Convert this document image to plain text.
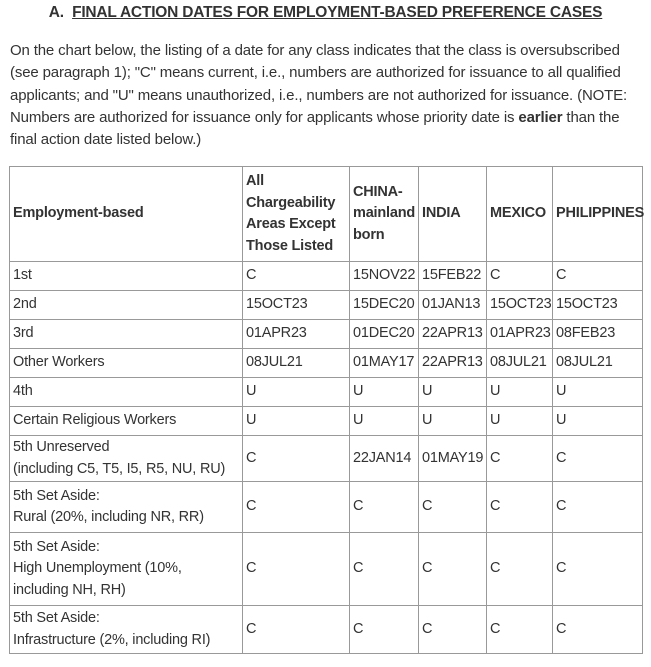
A. FINAL ACTION DATES FOR EMPLOYMENT-BASED PREFERENCE CASES
On the chart below, the listing of a date for any class indicates that the class is oversubscribed (see paragraph 1); "C" means current, i.e., numbers are authorized for issuance to all qualified applicants; and "U" means unauthorized, i.e., numbers are not authorized for issuance. (NOTE: Numbers are authorized for issuance only for applicants whose priority date is earlier than the final action date listed below.)
Employment-based	All Chargeability Areas Except Those Listed	CHINA-mainland born	INDIA	MEXICO	PHILIPPINES
1st	C	15NOV22	15FEB22	C	C
2nd	15OCT23	15DEC20	01JAN13	15OCT23	15OCT23
3rd	01APR23	01DEC20	22APR13	01APR23	08FEB23
Other Workers	08JUL21	01MAY17	22APR13	08JUL21	08JUL21
4th	U	U	U	U	U
Certain Religious Workers	U	U	U	U	U
5th Unreserved
(including C5, T5, I5, R5, NU, RU)	C	22JAN14	01MAY19	C	C
5th Set Aside:
Rural (20%, including NR, RR)	C	C	C	C	C
5th Set Aside:
High Unemployment (10%, including NH, RH)	C	C	C	C	C
5th Set Aside:
Infrastructure (2%, including RI)	C	C	C	C	C
